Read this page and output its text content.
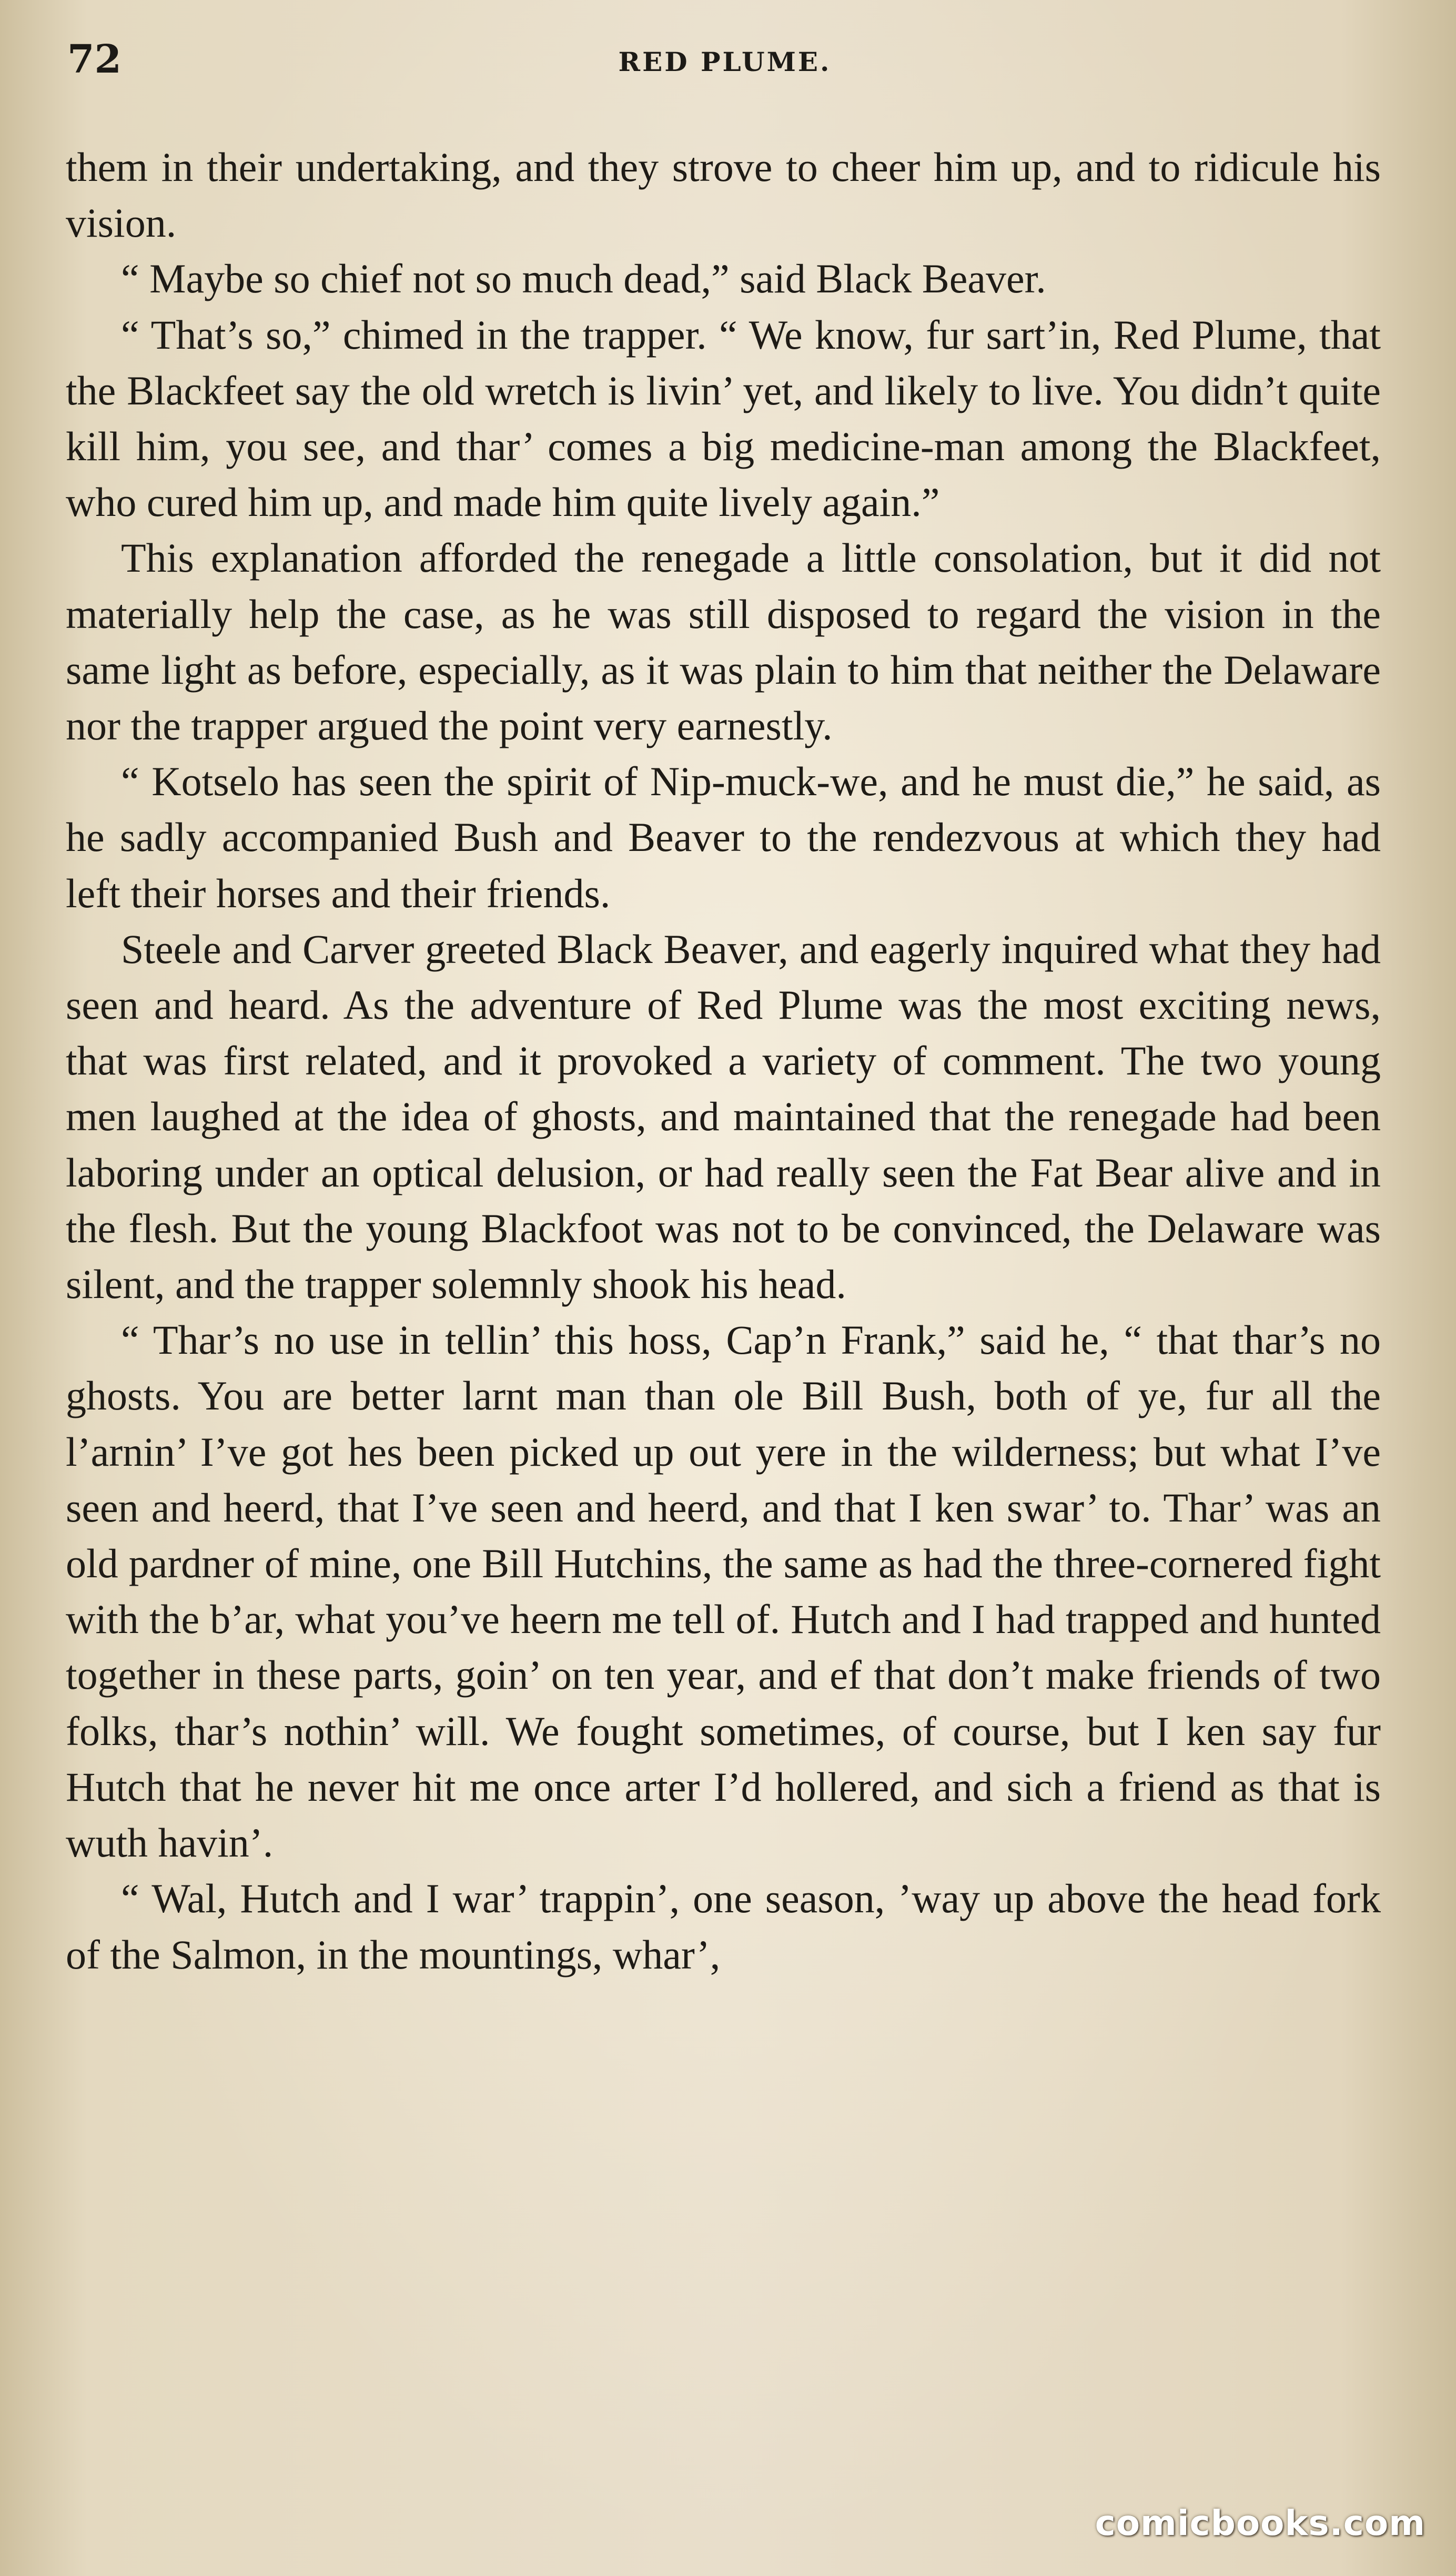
72	RED PLUME.

them in their undertaking, and they strove to cheer him up, and to ridicule his vision.

“ Maybe so chief not so much dead,” said Black Beaver.

“ That’s so,” chimed in the trapper. “ We know, fur sart’in, Red Plume, that the Blackfeet say the old wretch is livin’ yet, and likely to live. You didn’t quite kill him, you see, and thar’ comes a big medicine-man among the Blackfeet, who cured him up, and made him quite lively again.”

This explanation afforded the renegade a little consolation, but it did not materially help the case, as he was still disposed to regard the vision in the same light as before, especially, as it was plain to him that neither the Delaware nor the trapper argued the point very earnestly.

“ Kotselo has seen the spirit of Nip-muck-we, and he must die,” he said, as he sadly accompanied Bush and Beaver to the rendezvous at which they had left their horses and their friends.

Steele and Carver greeted Black Beaver, and eagerly inquired what they had seen and heard. As the adventure of Red Plume was the most exciting news, that was first related, and it provoked a variety of comment. The two young men laughed at the idea of ghosts, and maintained that the renegade had been laboring under an optical delusion, or had really seen the Fat Bear alive and in the flesh. But the young Blackfoot was not to be convinced, the Delaware was silent, and the trapper solemnly shook his head.

“ Thar’s no use in tellin’ this hoss, Cap’n Frank,” said he, “ that thar’s no ghosts. You are better larnt man than ole Bill Bush, both of ye, fur all the l’arnin’ I’ve got hes been picked up out yere in the wilderness; but what I’ve seen and heerd, that I’ve seen and heerd, and that I ken swar’ to. Thar’ was an old pardner of mine, one Bill Hutchins, the same as had the three-cornered fight with the b’ar, what you’ve heern me tell of. Hutch and I had trapped and hunted together in these parts, goin’ on ten year, and ef that don’t make friends of two folks, thar’s nothin’ will. We fought sometimes, of course, but I ken say fur Hutch that he never hit me once arter I’d hollered, and sich a friend as that is wuth havin’.

“ Wal, Hutch and I war’ trappin’, one season, ’way up above the head fork of the Salmon, in the mountings, whar’,

comicbooks.com
